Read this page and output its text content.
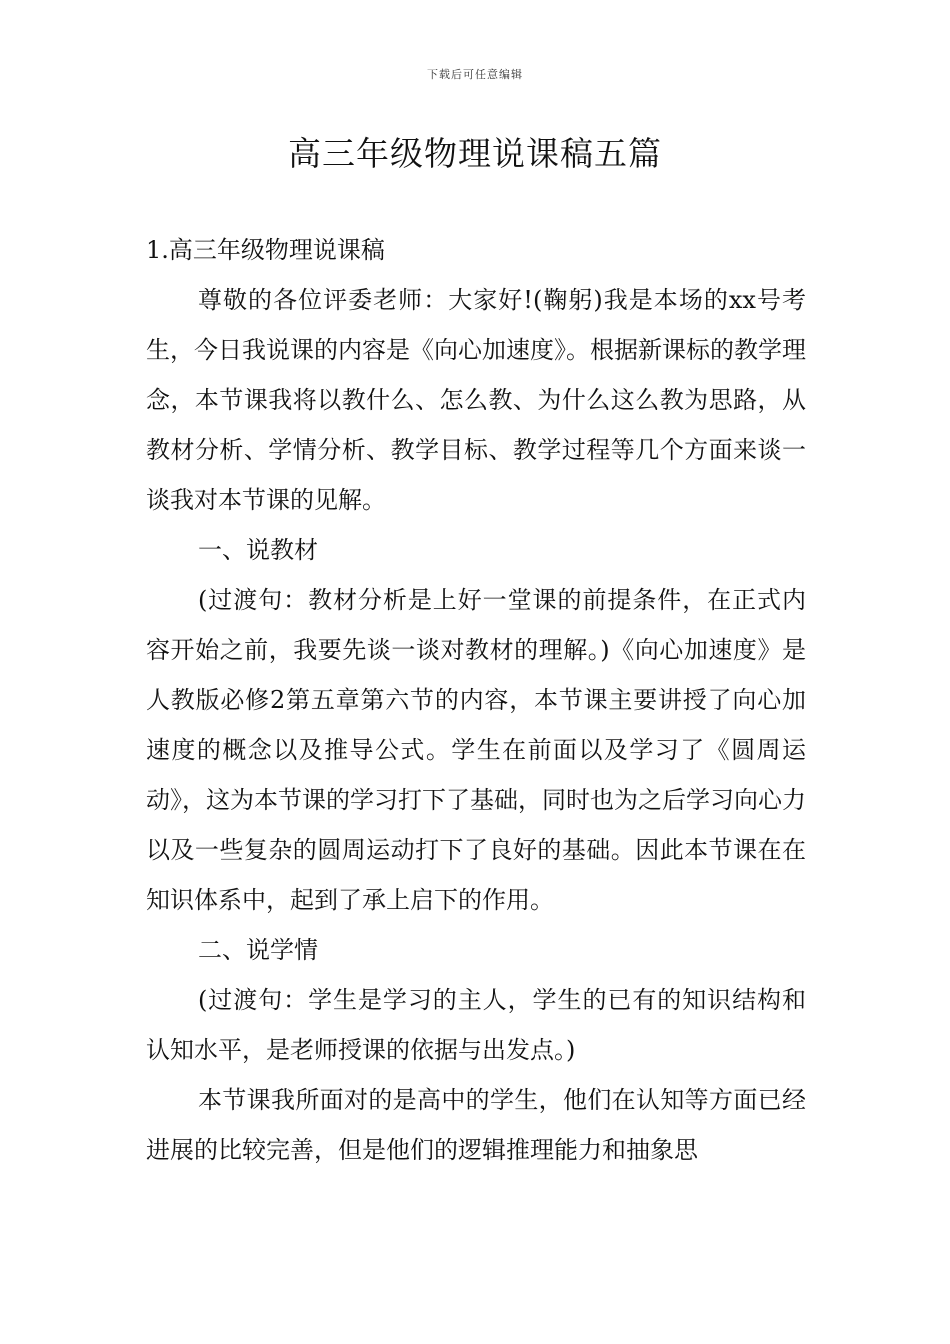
下载后可任意编辑
高三年级物理说课稿五篇

1.高三年级物理说课稿

尊敬的各位评委老师：大家好!(鞠躬)我是本场的xx号考生，今日我说课的内容是《向心加速度》。根据新课标的教学理念，本节课我将以教什么、怎么教、为什么这么教为思路，从教材分析、学情分析、教学目标、教学过程等几个方面来谈一谈我对本节课的见解。

一、说教材

(过渡句：教材分析是上好一堂课的前提条件，在正式内容开始之前，我要先谈一谈对教材的理解。)《向心加速度》是人教版必修2第五章第六节的内容，本节课主要讲授了向心加速度的概念以及推导公式。学生在前面以及学习了《圆周运动》，这为本节课的学习打下了基础，同时也为之后学习向心力以及一些复杂的圆周运动打下了良好的基础。因此本节课在在知识体系中，起到了承上启下的作用。

二、说学情

(过渡句：学生是学习的主人，学生的已有的知识结构和认知水平，是老师授课的依据与出发点。)

本节课我所面对的是高中的学生，他们在认知等方面已经进展的比较完善，但是他们的逻辑推理能力和抽象思
